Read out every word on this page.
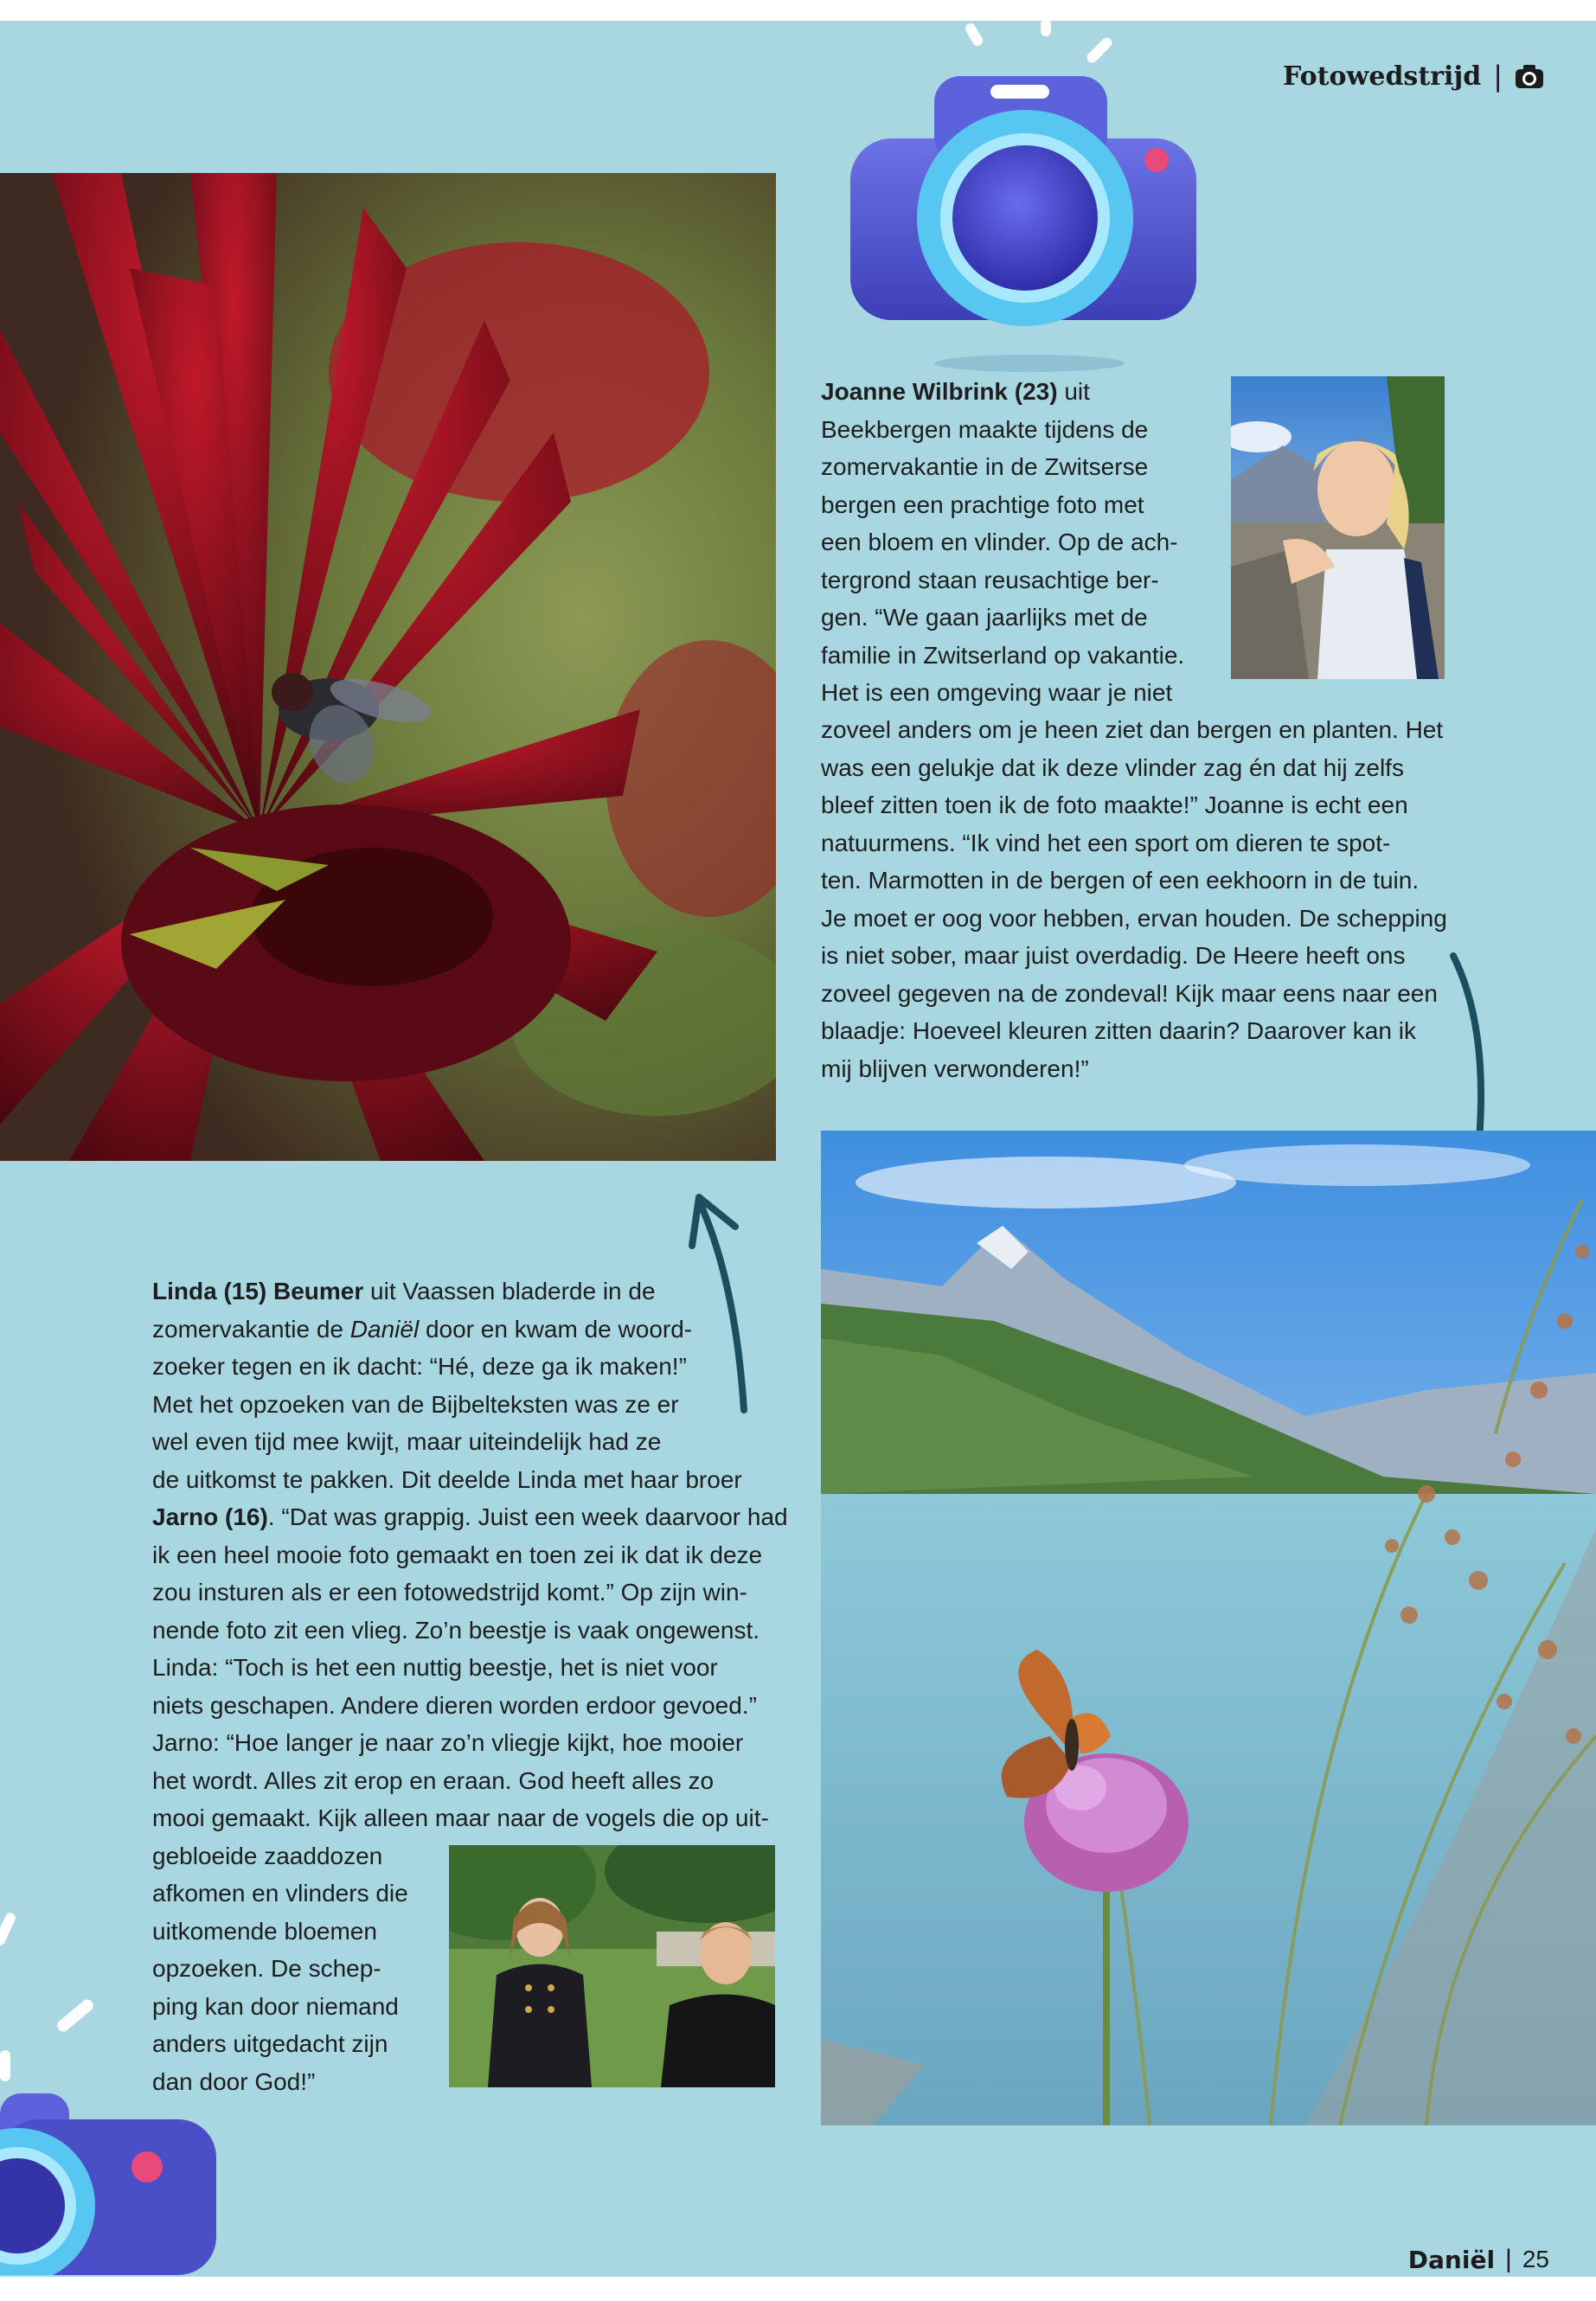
Fotowedstrijd |
Joanne Wilbrink (23) uit
Beekbergen maakte tijdens de
zomervakantie in de Zwitserse
bergen een prachtige foto met
een bloem en vlinder. Op de ach-
tergrond staan reusachtige ber-
gen. “We gaan jaarlijks met de
familie in Zwitserland op vakantie.
Het is een omgeving waar je niet
zoveel anders om je heen ziet dan bergen en planten. Het
was een gelukje dat ik deze vlinder zag én dat hij zelfs
bleef zitten toen ik de foto maakte!” Joanne is echt een
natuurmens. “Ik vind het een sport om dieren te spot-
ten. Marmotten in de bergen of een eekhoorn in de tuin.
Je moet er oog voor hebben, ervan houden. De schepping
is niet sober, maar juist overdadig. De Heere heeft ons
zoveel gegeven na de zondeval! Kijk maar eens naar een
blaadje: Hoeveel kleuren zitten daarin? Daarover kan ik
mij blijven verwonderen!”
Linda (15) Beumer uit Vaassen bladerde in de
zomervakantie de Daniël door en kwam de woord-
zoeker tegen en ik dacht: “Hé, deze ga ik maken!”
Met het opzoeken van de Bijbelteksten was ze er
wel even tijd mee kwijt, maar uiteindelijk had ze
de uitkomst te pakken. Dit deelde Linda met haar broer
Jarno (16). “Dat was grappig. Juist een week daarvoor had
ik een heel mooie foto gemaakt en toen zei ik dat ik deze
zou insturen als er een fotowedstrijd komt.” Op zijn win-
nende foto zit een vlieg. Zo’n beestje is vaak ongewenst.
Linda: “Toch is het een nuttig beestje, het is niet voor
niets geschapen. Andere dieren worden erdoor gevoed.”
Jarno: “Hoe langer je naar zo’n vliegje kijkt, hoe mooier
het wordt. Alles zit erop en eraan. God heeft alles zo
mooi gemaakt. Kijk alleen maar naar de vogels die op uit-
gebloeide zaaddozen
afkomen en vlinders die
uitkomende bloemen
opzoeken. De schep-
ping kan door niemand
anders uitgedacht zijn
dan door God!”
Daniël | 25
